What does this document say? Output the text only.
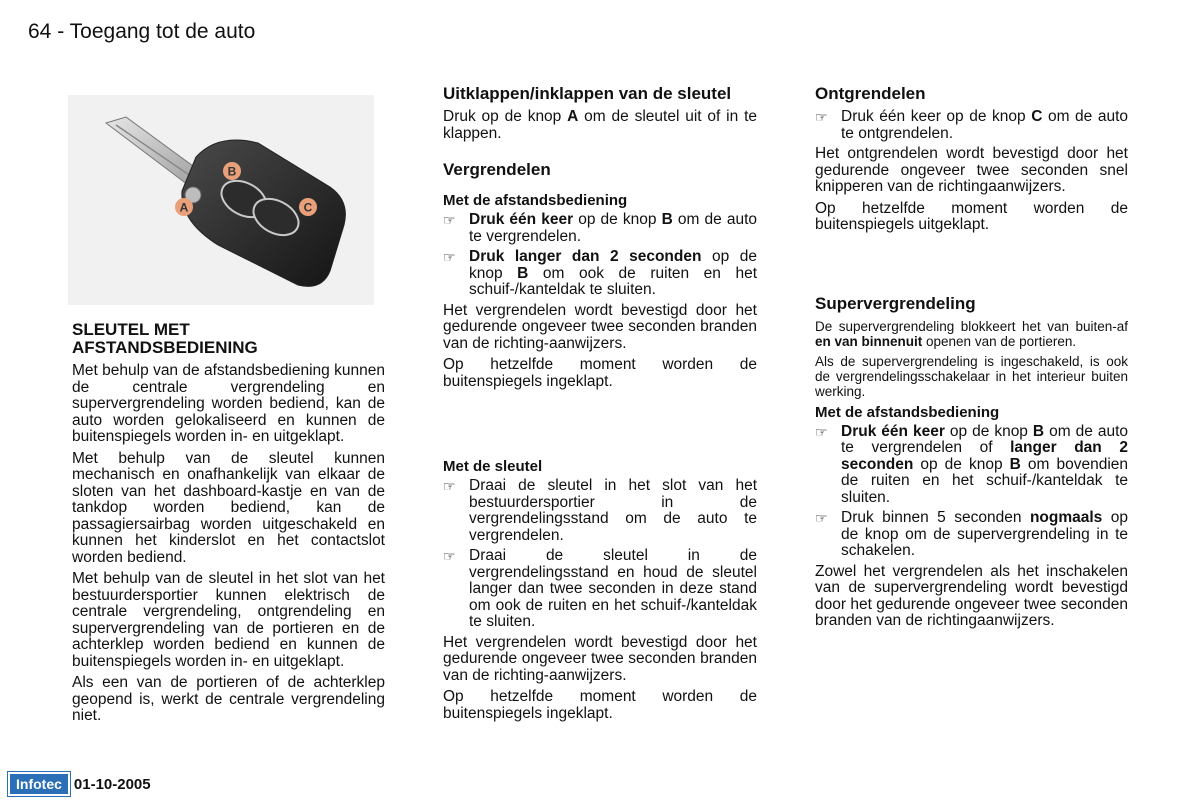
64 - Toegang tot de auto
B
A	C
SLEUTEL MET
AFSTANDSBEDIENING

Met behulp van de afstandsbediening kunnen de centrale vergrendeling en supervergrendeling worden bediend, kan de auto worden gelokaliseerd en kunnen de buitenspiegels worden in- en uitgeklapt.

Met behulp van de sleutel kunnen mechanisch en onafhankelijk van elkaar de sloten van het dashboard-kastje en van de tankdop worden bediend, kan de passagiersairbag worden uitgeschakeld en kunnen het kinderslot en het contactslot worden bediend.

Met behulp van de sleutel in het slot van het bestuurdersportier kunnen elektrisch de centrale vergrendeling, ontgrendeling en supervergrendeling van de portieren en de achterklep worden bediend en kunnen de buitenspiegels worden in- en uitgeklapt.

Als een van de portieren of de achterklep geopend is, werkt de centrale vergrendeling niet.

Uitklappen/inklappen van de sleutel

Druk op de knop A om de sleutel uit of in te klappen.

Vergrendelen
Met de afstandsbediening
☞ Druk één keer op de knop B om de auto te vergrendelen.
☞ Druk langer dan 2 seconden op de knop B om ook de ruiten en het schuif-/kanteldak te sluiten.

Het vergrendelen wordt bevestigd door het gedurende ongeveer twee seconden branden van de richting-aanwijzers.

Op hetzelfde moment worden de buitenspiegels ingeklapt.

Met de sleutel
☞ Draai de sleutel in het slot van het bestuurdersportier in de vergrendelingsstand om de auto te vergrendelen.
☞ Draai de sleutel in de vergrendelingsstand en houd de sleutel langer dan twee seconden in deze stand om ook de ruiten en het schuif-/kanteldak te sluiten.

Het vergrendelen wordt bevestigd door het gedurende ongeveer twee seconden branden van de richting-aanwijzers.

Op hetzelfde moment worden de buitenspiegels ingeklapt.

Ontgrendelen
☞ Druk één keer op de knop C om de auto te ontgrendelen.

Het ontgrendelen wordt bevestigd door het gedurende ongeveer twee seconden snel knipperen van de richtingaanwijzers.

Op hetzelfde moment worden de buitenspiegels uitgeklapt.

Supervergrendeling

De supervergrendeling blokkeert het van buiten-af en van binnenuit openen van de portieren.

Als de supervergrendeling is ingeschakeld, is ook de vergrendelingsschakelaar in het interieur buiten werking.

Met de afstandsbediening
☞ Druk één keer op de knop B om de auto te vergrendelen of langer dan 2 seconden op de knop B om bovendien de ruiten en het schuif-/kanteldak te sluiten.
☞ Druk binnen 5 seconden nogmaals op de knop om de supervergrendeling in te schakelen.

Zowel het vergrendelen als het inschakelen van de supervergrendeling wordt bevestigd door het gedurende ongeveer twee seconden branden van de richtingaanwijzers.

Infotec 01-10-2005
